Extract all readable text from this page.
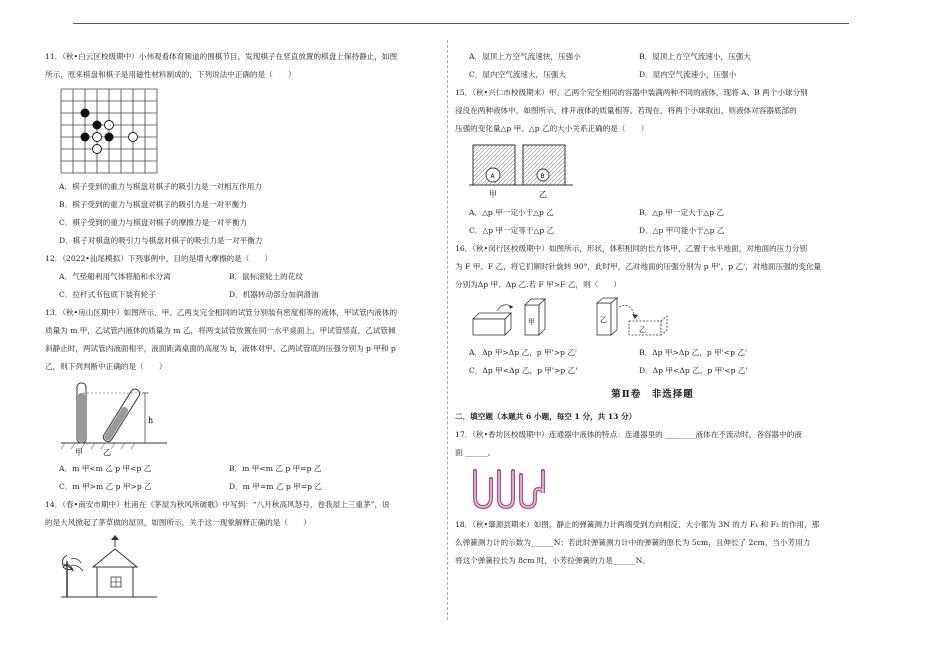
11．（秋•白云区校级期中）小伟观看体育频道的围棋节目，发现棋子在竖直放置的棋盘上保持静止，如图

所示，原来棋盘和棋子是用磁性材料制成的，下列说法中正确的是（　　）

A．棋子受到的重力与棋盘对棋子的吸引力是一对相互作用力

B．棋子受到的重力与棋盘对棋子的吸引力是一对平衡力

C．棋子受到的重力与棋盘对棋子的摩擦力是一对平衡力

D．棋子对棋盘的吸引力与棋盘对棋子的吸引力是一对平衡力

12．（2022•汕尾模拟）下列事例中，目的是增大摩擦的是（　　）

A．气垫船利用气体将船和水分离	B．鼠标滚轮上的花纹
C．拉杆式书包底下装有轮子	D．机器转动部分加润滑油

13．（秋•房山区期中）如图所示，甲、乙两支完全相同的试管分别装有密度相等的液体，甲试管内液体的

质量为 m 甲，乙试管内液体的质量为 m 乙，将两支试管放置在同一水平桌面上，甲试管竖直，乙试管倾

斜静止时，两试管内液面相平，液面距离桌面的高度为 h，液体对甲、乙两试管底的压强分别为 p 甲和 p

乙，则下列判断中正确的是（　　）

h
甲	乙
A．m 甲<m 乙 p 甲<p 乙	B．m 甲<m 乙 p 甲=p 乙
C．m 甲>m 乙 p 甲>p 乙	D．m 甲=m 乙 p 甲=p 乙

14．（春•南安市期中）杜甫在《茅屋为秋风所破歌》中写到：“八月秋高风怒号，卷我屋上三重茅”，说

的是大风掀起了茅草做的屋顶，如图所示，关于这一现象解释正确的是（　　）

A．屋顶上方空气流速快，压强小	B．屋顶上方空气流速小，压强大
C．屋内空气流速大，压强大	D．屋内空气流速小，压强小

15．（秋•兴仁市校级期末）甲、乙两个完全相同的容器中装满两种不同的液体，现将 A、B 两个小球分别

浸没在两种液体中，如图所示，排开液体的质量相等。若现在，将两个小球取出，则液体对容器底部的

压强的变化量△p 甲、△p 乙的大小关系正确的是（　　）

A	B
甲	乙
A．△p 甲一定小于△p 乙	B．△p 甲一定大于△p 乙
C．△p 甲一定等于△p 乙	D．△p 甲可能小于△p 乙

16．（秋•闵行区校级期中）如图所示，形状，体积相同的长方体甲，乙置于水平地面，对地面的压力分别

为 F 甲、F 乙，将它们顺时针旋转 90°，此时甲，乙对地面的压强分别为 p 甲'，p 乙'，对地面压强的变化量

分别为Δp 甲、Δp 乙.若 F 甲>F 乙，则（　　）

甲	乙
乙
A．Δp 甲>Δp 乙，p 甲'>p 乙'	B．Δp 甲>Δp 乙，p 甲'<p 乙'
C．Δp 甲<Δp 乙，p 甲'>p 乙'	D．Δp 甲<Δp 乙，p 甲'<p 乙'
第Ⅱ卷　非选择题

二．填空题（本题共 6 小题，每空 1 分，共 13 分）

17．（秋•香坊区校级期中）连通器中液体的特点：连通器里的 ________液体在不流动时，各容器中的液

面 ______。

18．（秋•肇源县期末）如图，静止的弹簧测力计两端受到方向相反、大小都为 3N 的力 F₁ 和 F₂ 的作用，那

么弹簧测力计的示数为______N；若此时弹簧测力计中的弹簧的原长为 5cm，且伸长了 2cm，当小芳用力

将这个弹簧拉长为 8cm 时，小芳拉弹簧的力是______N。
